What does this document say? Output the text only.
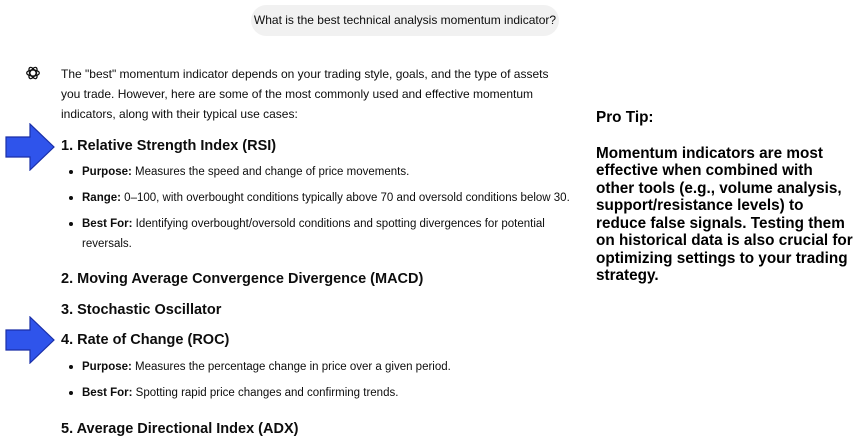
What is the best technical analysis momentum indicator?

The "best" momentum indicator depends on your trading style, goals, and the type of assets you trade. However, here are some of the most commonly used and effective momentum indicators, along with their typical use cases:

1. Relative Strength Index (RSI)
Purpose: Measures the speed and change of price movements.
Range: 0–100, with overbought conditions typically above 70 and oversold conditions below 30.
Best For: Identifying overbought/oversold conditions and spotting divergences for potential reversals.
2. Moving Average Convergence Divergence (MACD)
3. Stochastic Oscillator
4. Rate of Change (ROC)
Purpose: Measures the percentage change in price over a given period.
Best For: Spotting rapid price changes and confirming trends.
5. Average Directional Index (ADX)

Pro Tip:

Momentum indicators are most effective when combined with other tools (e.g., volume analysis, support/resistance levels) to reduce false signals. Testing them on historical data is also crucial for optimizing settings to your trading strategy.
